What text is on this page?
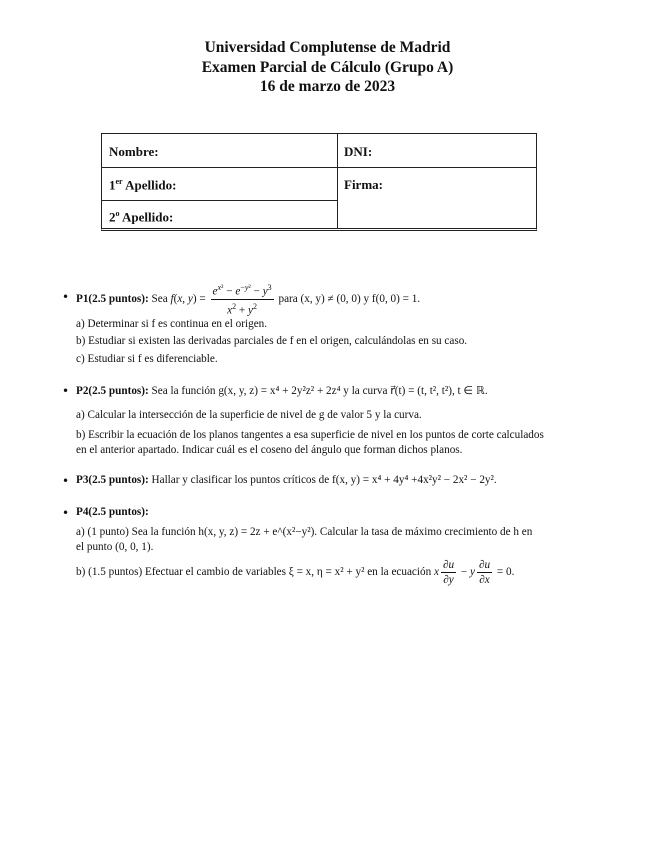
Universidad Complutense de Madrid
Examen Parcial de Cálculo (Grupo A)
16 de marzo de 2023
Nombre:	DNI:
1er Apellido:	Firma:
2$^o$ Apellido:
• P1(2.5 puntos): Sea f(x, $y) = \frac{e^{x^2} - e^{-y^2} - y^3}{x^2 + y^2}$ para (x, y) ≠ (0, 0) y f(0, 0) = 1.
a) Determinar si f es continua en el origen.
b) Estudiar si existen las derivadas parciales de f en el origen, calculándolas en su caso.
c) Estudiar si f es diferenciable.
• P2(2.5 puntos): Sea la función g(x, y, z) = x⁴ + 2y²z² + 2z⁴ y la curva r⃗(t) = (t, t², t²), t ∈ ℝ.
a) Calcular la intersección de la superficie de nivel de g de valor 5 y la curva.
b) Escribir la ecuación de los planos tangentes a esa superficie de nivel en los puntos de corte calculados
en el anterior apartado. Indicar cuál es el coseno del ángulo que forman dichos planos.
• P3(2.5 puntos): Hallar y clasificar los puntos críticos de f(x, y) = x⁴ + 4y⁴ +4x²y² − 2x² − 2y².
• P4(2.5 puntos):
a) (1 punto) Sea la función h(x, y, z) = 2z + e^(x²−y²). Calcular la tasa de máximo crecimiento de h en
el punto (0, 0, 1).
b) (1.5 puntos) Efectuar el cambio de variables ξ = x, η = x² + y² en la ecuación x $\frac{\partial u}{\partial y} - y \frac{\partial u}{\partial x} = 0$.
